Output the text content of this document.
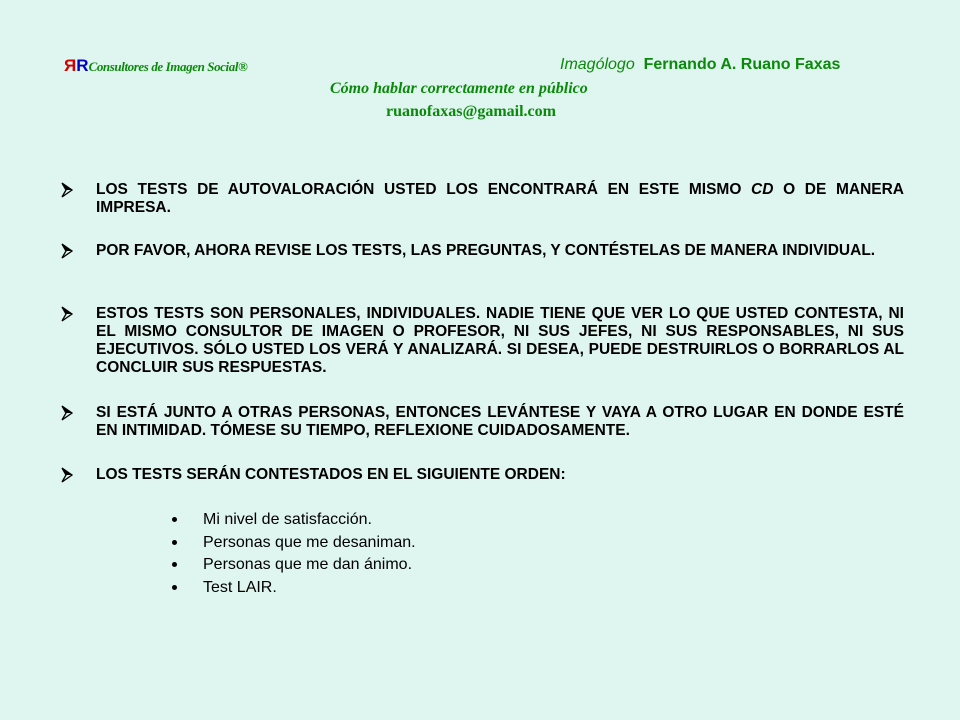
RRConsultores de Imagen Social®	Imagólogo Fernando A. Ruano Faxas
Cómo hablar correctamente en público
ruanofaxas@gamail.com
LOS TESTS DE AUTOVALORACIÓN USTED LOS ENCONTRARÁ EN ESTE MISMO CD O DE MANERA IMPRESA.
POR FAVOR, AHORA REVISE LOS TESTS, LAS PREGUNTAS, Y CONTÉSTELAS DE MANERA INDIVIDUAL.
ESTOS TESTS SON PERSONALES, INDIVIDUALES. NADIE TIENE QUE VER LO QUE USTED CONTESTA, NI EL MISMO CONSULTOR DE IMAGEN O PROFESOR, NI SUS JEFES, NI SUS RESPONSABLES, NI SUS EJECUTIVOS. SÓLO USTED LOS VERÁ Y ANALIZARÁ. SI DESEA, PUEDE DESTRUIRLOS O BORRARLOS AL CONCLUIR SUS RESPUESTAS.
SI ESTÁ JUNTO A OTRAS PERSONAS, ENTONCES LEVÁNTESE Y VAYA A OTRO LUGAR EN DONDE ESTÉ EN INTIMIDAD. TÓMESE SU TIEMPO, REFLEXIONE CUIDADOSAMENTE.
LOS TESTS SERÁN CONTESTADOS EN EL SIGUIENTE ORDEN:
Mi nivel de satisfacción.
Personas que me desaniman.
Personas que me dan ánimo.
Test LAIR.
